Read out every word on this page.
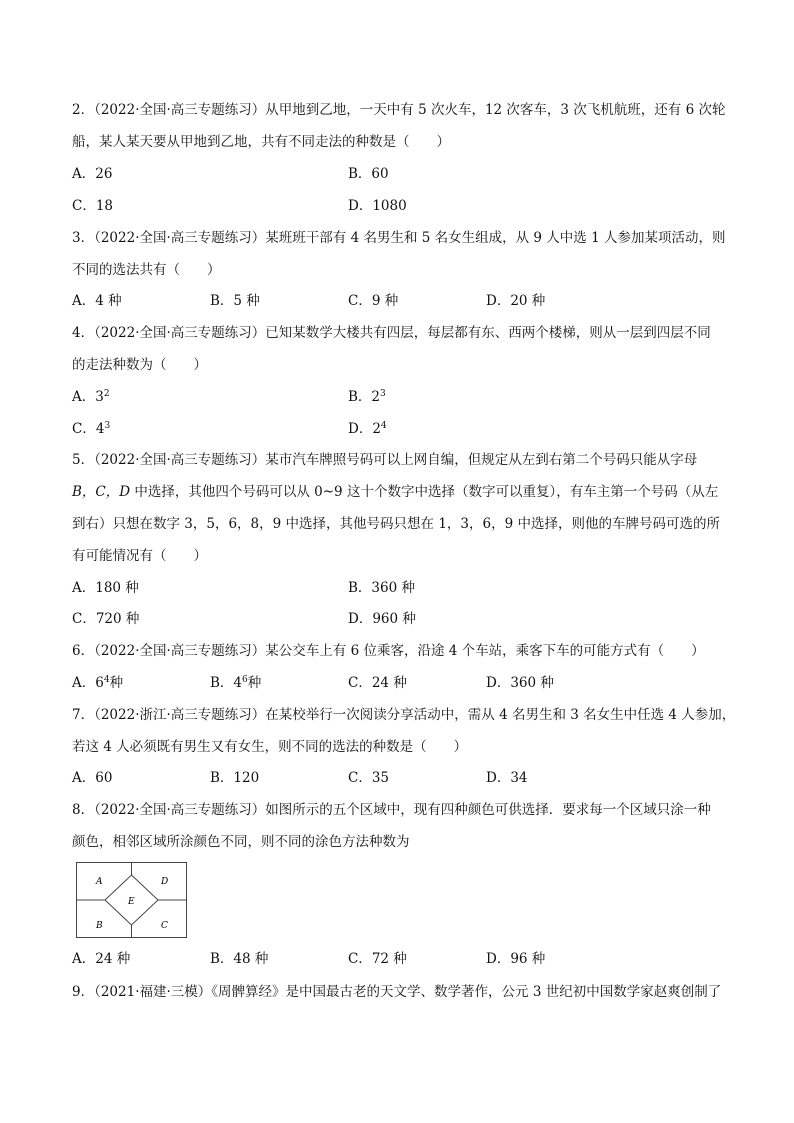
2．（2022·全国·高三专题练习）从甲地到乙地，一天中有 5 次火车，12 次客车，3 次飞机航班，还有 6 次轮
船，某人某天要从甲地到乙地，共有不同走法的种数是（　　）
A．26	B．60
C．18	D．1080
3．（2022·全国·高三专题练习）某班班干部有 4 名男生和 5 名女生组成，从 9 人中选 1 人参加某项活动，则
不同的选法共有（　　）
A．4 种	B．5 种	C．9 种	D．20 种
4．（2022·全国·高三专题练习）已知某数学大楼共有四层，每层都有东、西两个楼梯，则从一层到四层不同
的走法种数为（　　）
A．$3^2$	B．$2^3$
C．$4^3$	D．$2^4$
5．（2022·全国·高三专题练习）某市汽车牌照号码可以上网自编，但规定从左到右第二个号码只能从字母
B，C，D 中选择，其他四个号码可以从 0~9 这十个数字中选择（数字可以重复），有车主第一个号码（从左
到右）只想在数字 3，5，6，8，9 中选择，其他号码只想在 1，3，6，9 中选择，则他的车牌号码可选的所
有可能情况有（　　）
A．180 种	B．360 种
C．720 种	D．960 种
6．（2022·全国·高三专题练习）某公交车上有 6 位乘客，沿途 4 个车站，乘客下车的可能方式有（　　）
A．$6^4$种	B．$4^6$种	C．24 种	D．360 种
7．（2022·浙江·高三专题练习）在某校举行一次阅读分享活动中，需从 4 名男生和 3 名女生中任选 4 人参加，
若这 4 人必须既有男生又有女生，则不同的选法的种数是（　　）
A．60	B．120	C．35	D．34
8．（2022·全国·高三专题练习）如图所示的五个区域中，现有四种颜色可供选择．要求每一个区域只涂一种
颜色，相邻区域所涂颜色不同，则不同的涂色方法种数为
A	D
E
B	C
A．24 种	B．48 种	C．72 种	D．96 种
9．（2021·福建·三模）《周髀算经》是中国最古老的天文学、数学著作，公元 3 世纪初中国数学家赵爽创制了
